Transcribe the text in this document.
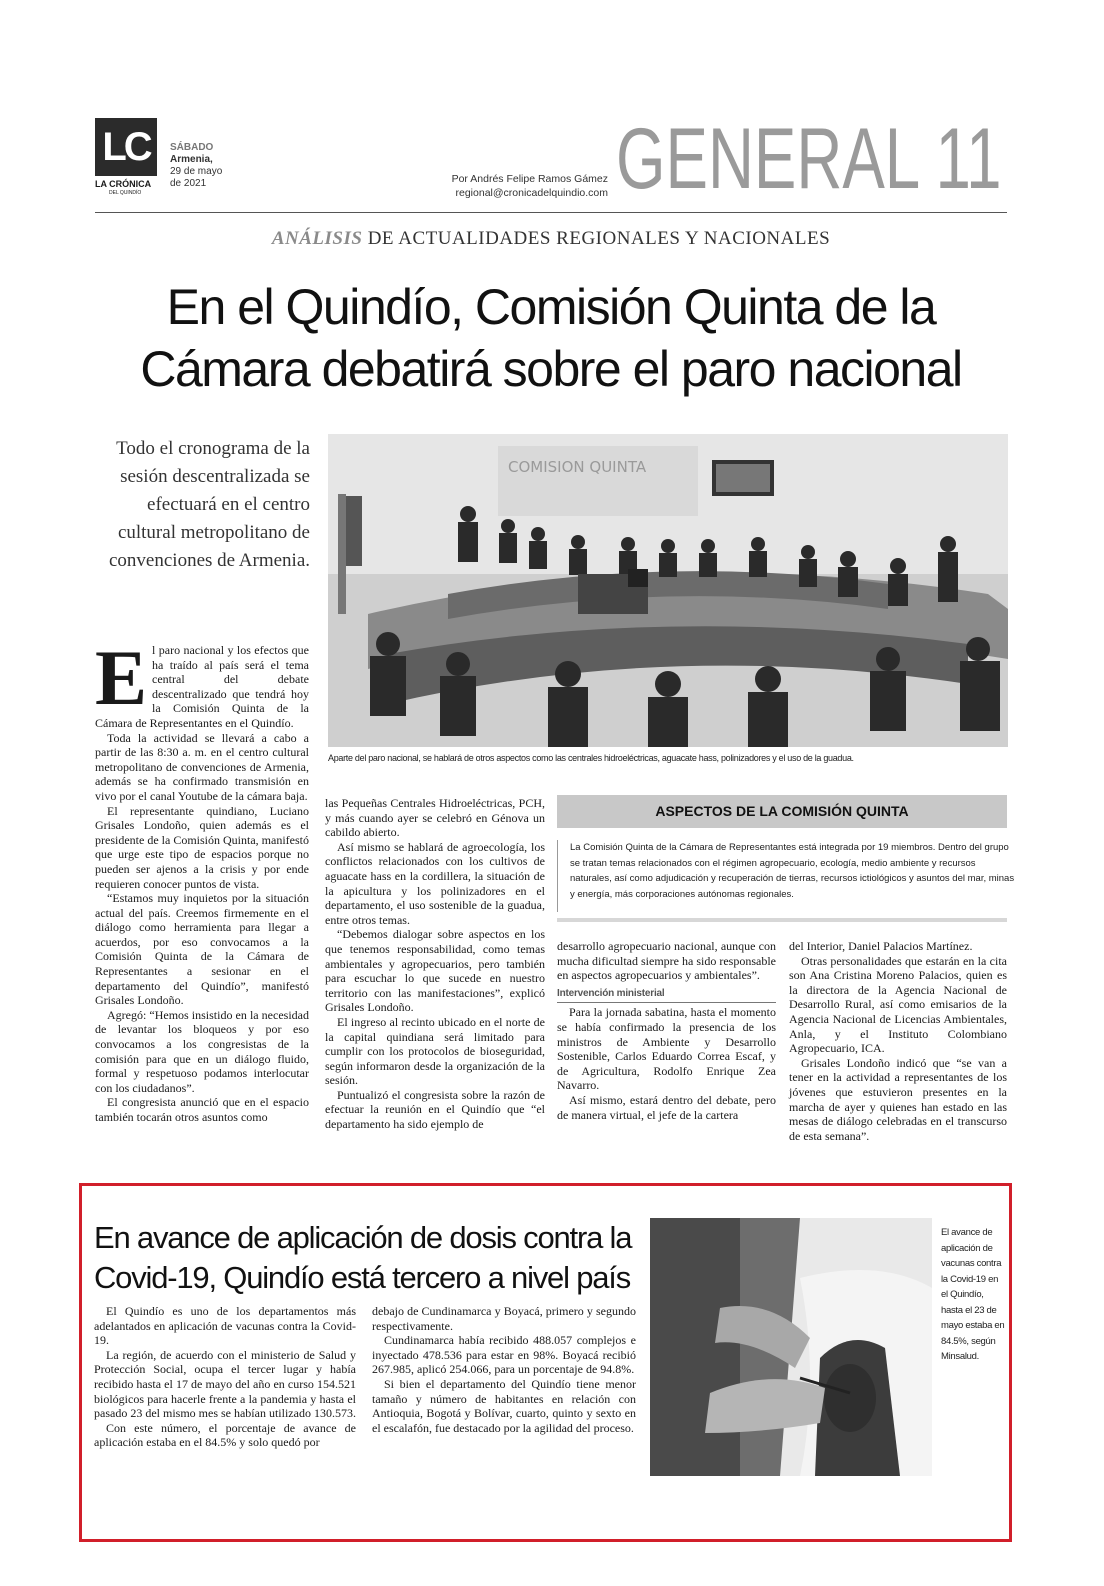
LC
LA CRÓNICA
DEL QUINDÍO
SÁBADO
Armenia,
29 de mayo
de 2021	Por Andrés Felipe Ramos Gámez
regional@cronicadelquindio.com GENERAL 11
ANÁLISIS DE ACTUALIDADES REGIONALES Y NACIONALES
En el Quindío, Comisión Quinta de la
Cámara debatirá sobre el paro nacional
Todo el cronograma de la sesión descentralizada se efectuará en el centro cultural metropolitano de convenciones de Armenia.
COMISION QUINTA
Aparte del paro nacional, se hablará de otros aspectos como las centrales hidroeléctricas, aguacate hass, polinizadores y el uso de la guadua.

El paro nacional y los efectos que ha traído al país será el tema central del debate descentralizado que tendrá hoy la Comisión Quinta de la Cámara de Representantes en el Quindío.

Toda la actividad se llevará a cabo a partir de las 8:30 a. m. en el centro cultural metropolitano de convenciones de Armenia, además se ha confirmado transmisión en vivo por el canal Youtube de la cámara baja.

El representante quindiano, Luciano Grisales Londoño, quien además es el presidente de la Comisión Quinta, manifestó que urge este tipo de espacios porque no pueden ser ajenos a la crisis y por ende requieren conocer puntos de vista.

“Estamos muy inquietos por la situación actual del país. Creemos firmemente en el diálogo como herramienta para llegar a acuerdos, por eso convocamos a la Comisión Quinta de la Cámara de Representantes a sesionar en el departamento del Quindío”, manifestó Grisales Londoño.

Agregó: “Hemos insistido en la necesidad de levantar los bloqueos y por eso convocamos a los congresistas de la comisión para que en un diálogo fluido, formal y respetuoso podamos interlocutar con los ciudadanos”.

El congresista anunció que en el espacio también tocarán otros asuntos como

las Pequeñas Centrales Hidroeléctricas, PCH, y más cuando ayer se celebró en Génova un cabildo abierto.

Así mismo se hablará de agroecología, los conflictos relacionados con los cultivos de aguacate hass en la cordillera, la situación de la apicultura y los polinizadores en el departamento, el uso sostenible de la guadua, entre otros temas.

“Debemos dialogar sobre aspectos en los que tenemos responsabilidad, como temas ambientales y agropecuarios, pero también para escuchar lo que sucede en nuestro territorio con las manifestaciones”, explicó Grisales Londoño.

El ingreso al recinto ubicado en el norte de la capital quindiana será limitado para cumplir con los protocolos de bioseguridad, según informaron desde la organización de la sesión.

Puntualizó el congresista sobre la razón de efectuar la reunión en el Quindío que “el departamento ha sido ejemplo de

ASPECTOS DE LA COMISIÓN QUINTA
La Comisión Quinta de la Cámara de Representantes está integrada por 19 miembros. Dentro del grupo se tratan temas relacionados con el régimen agropecuario, ecología, medio ambiente y recursos naturales, así como adjudicación y recuperación de tierras, recursos ictiológicos y asuntos del mar, minas y energía, más corporaciones autónomas regionales.

desarrollo agropecuario nacional, aunque con mucha dificultad siempre ha sido responsable en aspectos agropecuarios y ambientales”.

Intervención ministerial

Para la jornada sabatina, hasta el momento se había confirmado la presencia de los ministros de Ambiente y Desarrollo Sostenible, Carlos Eduardo Correa Escaf, y de Agricultura, Rodolfo Enrique Zea Navarro.

Así mismo, estará dentro del debate, pero de manera virtual, el jefe de la cartera

del Interior, Daniel Palacios Martínez.

Otras personalidades que estarán en la cita son Ana Cristina Moreno Palacios, quien es la directora de la Agencia Nacional de Desarrollo Rural, así como emisarios de la Agencia Nacional de Licencias Ambientales, Anla, y el Instituto Colombiano Agropecuario, ICA.

Grisales Londoño indicó que “se van a tener en la actividad a representantes de los jóvenes que estuvieron presentes en la marcha de ayer y quienes han estado en las mesas de diálogo celebradas en el transcurso de esta semana”.

En avance de aplicación de dosis contra la
Covid-19, Quindío está tercero a nivel país

El Quindío es uno de los departamentos más adelantados en aplicación de vacunas contra la Covid-19.

La región, de acuerdo con el ministerio de Salud y Protección Social, ocupa el tercer lugar y había recibido hasta el 17 de mayo del año en curso 154.521 biológicos para hacerle frente a la pandemia y hasta el pasado 23 del mismo mes se habían utilizado 130.573.

Con este número, el porcentaje de avance de aplicación estaba en el 84.5% y solo quedó por

debajo de Cundinamarca y Boyacá, primero y segundo respectivamente.

Cundinamarca había recibido 488.057 complejos e inyectado 478.536 para estar en 98%. Boyacá recibió 267.985, aplicó 254.066, para un porcentaje de 94.8%.

Si bien el departamento del Quindío tiene menor tamaño y número de habitantes en relación con Antioquia, Bogotá y Bolívar, cuarto, quinto y sexto en el escalafón, fue destacado por la agilidad del proceso.

El avance de aplicación de vacunas contra la Covid-19 en el Quindío, hasta el 23 de mayo estaba en 84.5%, según Minsalud.
